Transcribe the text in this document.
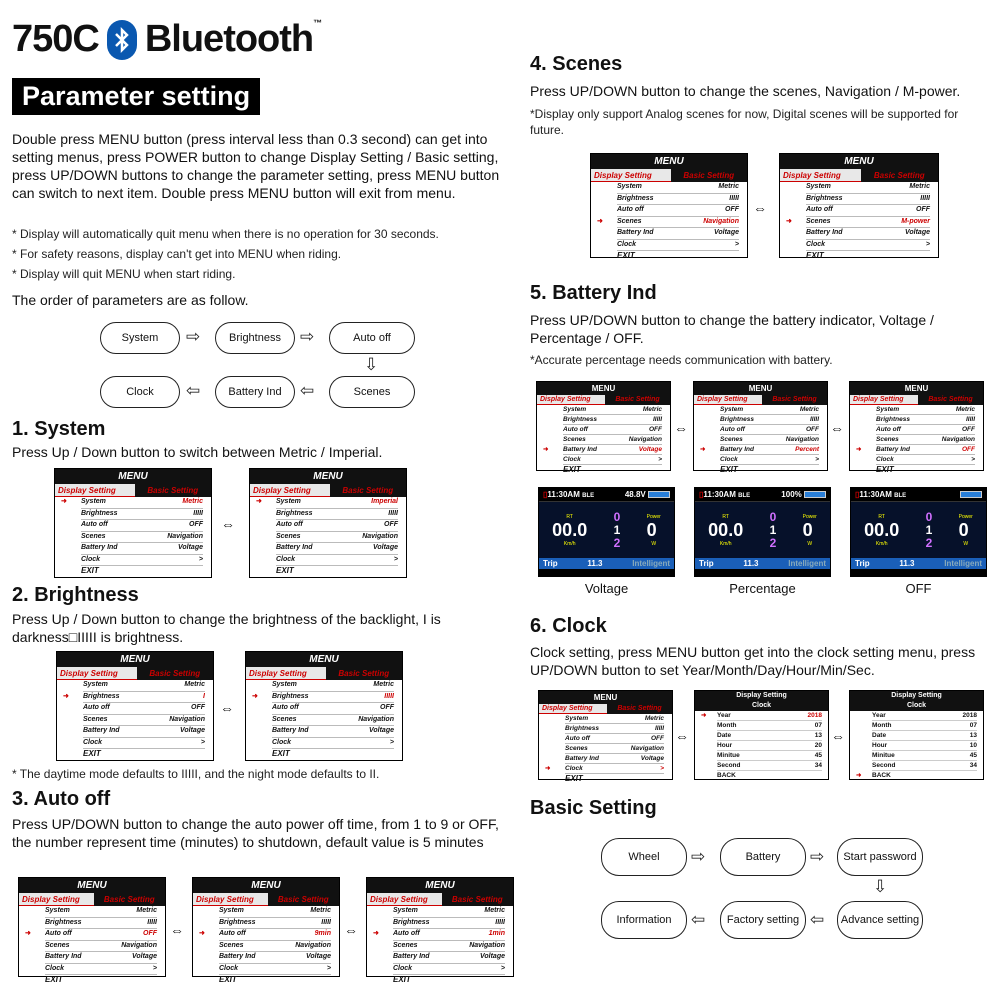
750C Bluetooth™
Parameter setting
Double press MENU button (press interval less than 0.3 second) can get into setting menus, press POWER button to change Display Setting / Basic setting, press UP/DOWN buttons to change the parameter setting, press MENU button can switch to next item. Double press MENU button will exit from menu.
* Display will automatically quit menu when there is no operation for 30 seconds.
* For safety reasons, display can't get into MENU when riding.
* Display will quit MENU when start riding.
The order of parameters are as follow.
System	⇨	Brightness	⇨	Auto off
⇩
Scenes
⇦
Battery Ind
⇦
Clock
1. System
Press Up / Down button to switch between Metric / Imperial.
MENU
Display Setting	Basic Setting
➜ System	Metric
Brightness	IIIII
Auto off	OFF
Scenes	Navigation
Battery Ind	Voltage
Clock	>
EXIT
⇔
MENU
Display Setting	Basic Setting
➜ System	Imperial
Brightness	IIIII
Auto off	OFF
Scenes	Navigation
Battery Ind	Voltage
Clock	>
EXIT
2. Brightness
Press Up / Down button to change the brightness of the backlight, I is darkness□IIIII is brightness.
MENU
Display Setting	Basic Setting
System	Metric
➜ Brightness	I
Auto off	OFF
Scenes	Navigation
Battery Ind	Voltage
Clock	>
EXIT
⇔
MENU
Display Setting	Basic Setting
System	Metric
➜ Brightness	IIIII
Auto off	OFF
Scenes	Navigation
Battery Ind	Voltage
Clock	>
EXIT
* The daytime mode defaults to IIIII, and the night mode defaults to II.
3. Auto off
Press UP/DOWN button to change the auto power off time, from 1 to 9 or OFF, the number represent time (minutes) to shutdown, default value is 5 minutes
MENU
Display Setting	Basic Setting
System	Metric
Brightness	IIIII
➜ Auto off	OFF
Scenes	Navigation
Battery Ind	Voltage
Clock	>
EXIT
⇔
MENU
Display Setting	Basic Setting
System	Metric
Brightness	IIIII
➜ Auto off	9min
Scenes	Navigation
Battery Ind	Voltage
Clock	>
EXIT
⇔
MENU
Display Setting	Basic Setting
System	Metric
Brightness	IIIII
➜ Auto off	1min
Scenes	Navigation
Battery Ind	Voltage
Clock	>
EXIT
4. Scenes
Press UP/DOWN button to change the scenes, Navigation / M-power.
*Display only support Analog scenes for now, Digital scenes will be supported for future.
MENU
Display Setting	Basic Setting
System	Metric
Brightness	IIIII
Auto off	OFF
➜ Scenes	Navigation
Battery Ind	Voltage
Clock	>
EXIT
⇔
MENU
Display Setting	Basic Setting
System	Metric
Brightness	IIIII
Auto off	OFF
➜ Scenes	M-power
Battery Ind	Voltage
Clock	>
EXIT
5. Battery Ind
Press UP/DOWN button to change the battery indicator, Voltage / Percentage / OFF.
*Accurate percentage needs communication with battery.
MENU
Display Setting	Basic Setting
System	Metric
Brightness	IIIII
Auto off	OFF
Scenes	Navigation
➜ Battery Ind	Voltage
Clock	>
EXIT
⇔
MENU
Display Setting	Basic Setting
System	Metric
Brightness	IIIII
Auto off	OFF
Scenes	Navigation
➜ Battery Ind	Percent
Clock	>
EXIT
⇔
MENU
Display Setting	Basic Setting
System	Metric
Brightness	IIIII
Auto off	OFF
Scenes	Navigation
➜ Battery Ind	OFF
Clock	>
EXIT
▯11:30AM BLE	48.8V
RT
00.0
Km/h
0
1
2
Power
0
W
Trip	11.3	Intelligent
▯11:30AM BLE	100%
RT
00.0
Km/h
0
1
2
Power
0
W
Trip	11.3	Intelligent
▯11:30AM BLE
RT
00.0
Km/h
0
1
2
Power
0
W
Trip	11.3	Intelligent
Voltage	Percentage	OFF
6. Clock
Clock setting, press MENU button get into the clock setting menu, press UP/DOWN button to set Year/Month/Day/Hour/Min/Sec.
MENU
Display Setting	Basic Setting
System	Metric
Brightness	IIIII
Auto off	OFF
Scenes	Navigation
Battery Ind	Voltage
➜ Clock	>
EXIT
⇔
Display Setting
Clock
➜ Year	2018
Month	07
Date	13
Hour	20
Minitue	45
Second	34
BACK
⇔
Display Setting
Clock
Year	2018
Month	07
Date	13
Hour	10
Minitue	45
Second	34
➜ BACK
Basic Setting
Wheel	⇨	Battery	⇨	Start password
⇩
Advance setting
⇦
Factory setting
⇦
Information
